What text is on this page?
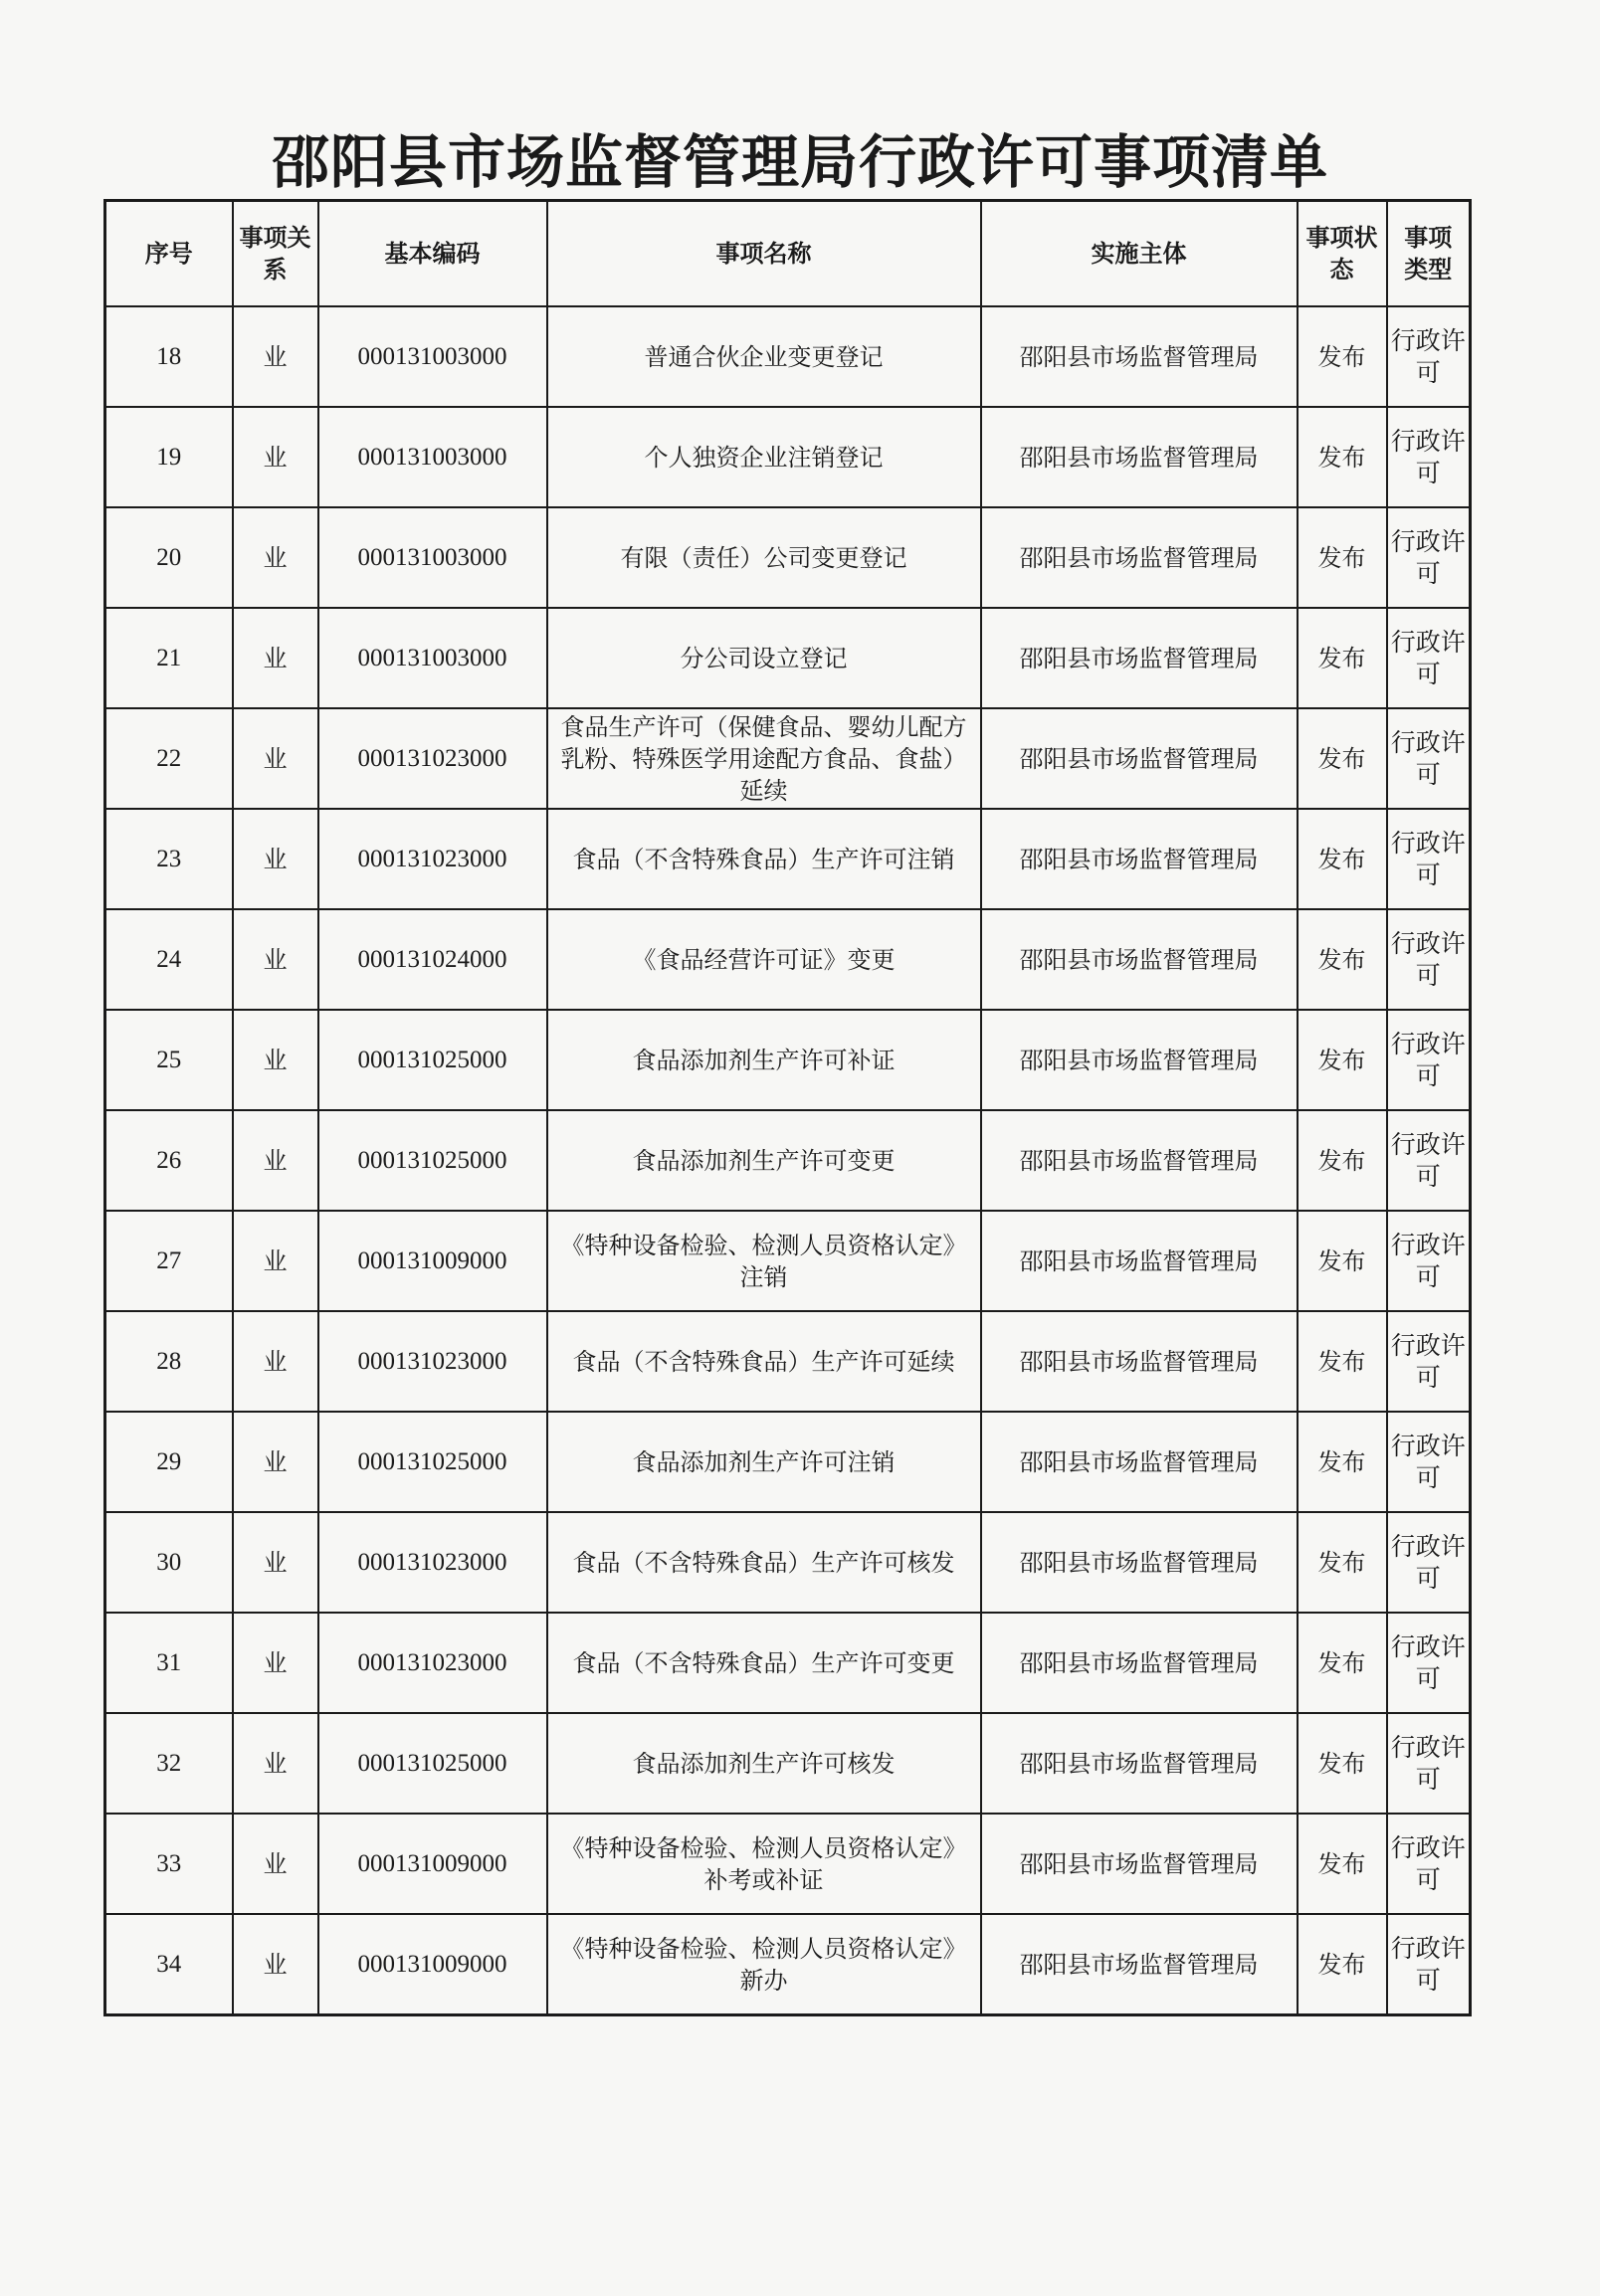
邵阳县市场监督管理局行政许可事项清单
序号	事项关系	基本编码	事项名称	实施主体	事项状态	事项类型
18	业	000131003000	普通合伙企业变更登记	邵阳县市场监督管理局	发布	行政许可
19	业	000131003000	个人独资企业注销登记	邵阳县市场监督管理局	发布	行政许可
20	业	000131003000	有限（责任）公司变更登记	邵阳县市场监督管理局	发布	行政许可
21	业	000131003000	分公司设立登记	邵阳县市场监督管理局	发布	行政许可
22	业	000131023000	食品生产许可（保健食品、婴幼儿配方乳粉、特殊医学用途配方食品、食盐）延续	邵阳县市场监督管理局	发布	行政许可
23	业	000131023000	食品（不含特殊食品）生产许可注销	邵阳县市场监督管理局	发布	行政许可
24	业	000131024000	《食品经营许可证》变更	邵阳县市场监督管理局	发布	行政许可
25	业	000131025000	食品添加剂生产许可补证	邵阳县市场监督管理局	发布	行政许可
26	业	000131025000	食品添加剂生产许可变更	邵阳县市场监督管理局	发布	行政许可
27	业	000131009000	《特种设备检验、检测人员资格认定》注销	邵阳县市场监督管理局	发布	行政许可
28	业	000131023000	食品（不含特殊食品）生产许可延续	邵阳县市场监督管理局	发布	行政许可
29	业	000131025000	食品添加剂生产许可注销	邵阳县市场监督管理局	发布	行政许可
30	业	000131023000	食品（不含特殊食品）生产许可核发	邵阳县市场监督管理局	发布	行政许可
31	业	000131023000	食品（不含特殊食品）生产许可变更	邵阳县市场监督管理局	发布	行政许可
32	业	000131025000	食品添加剂生产许可核发	邵阳县市场监督管理局	发布	行政许可
33	业	000131009000	《特种设备检验、检测人员资格认定》补考或补证	邵阳县市场监督管理局	发布	行政许可
34	业	000131009000	《特种设备检验、检测人员资格认定》新办	邵阳县市场监督管理局	发布	行政许可
